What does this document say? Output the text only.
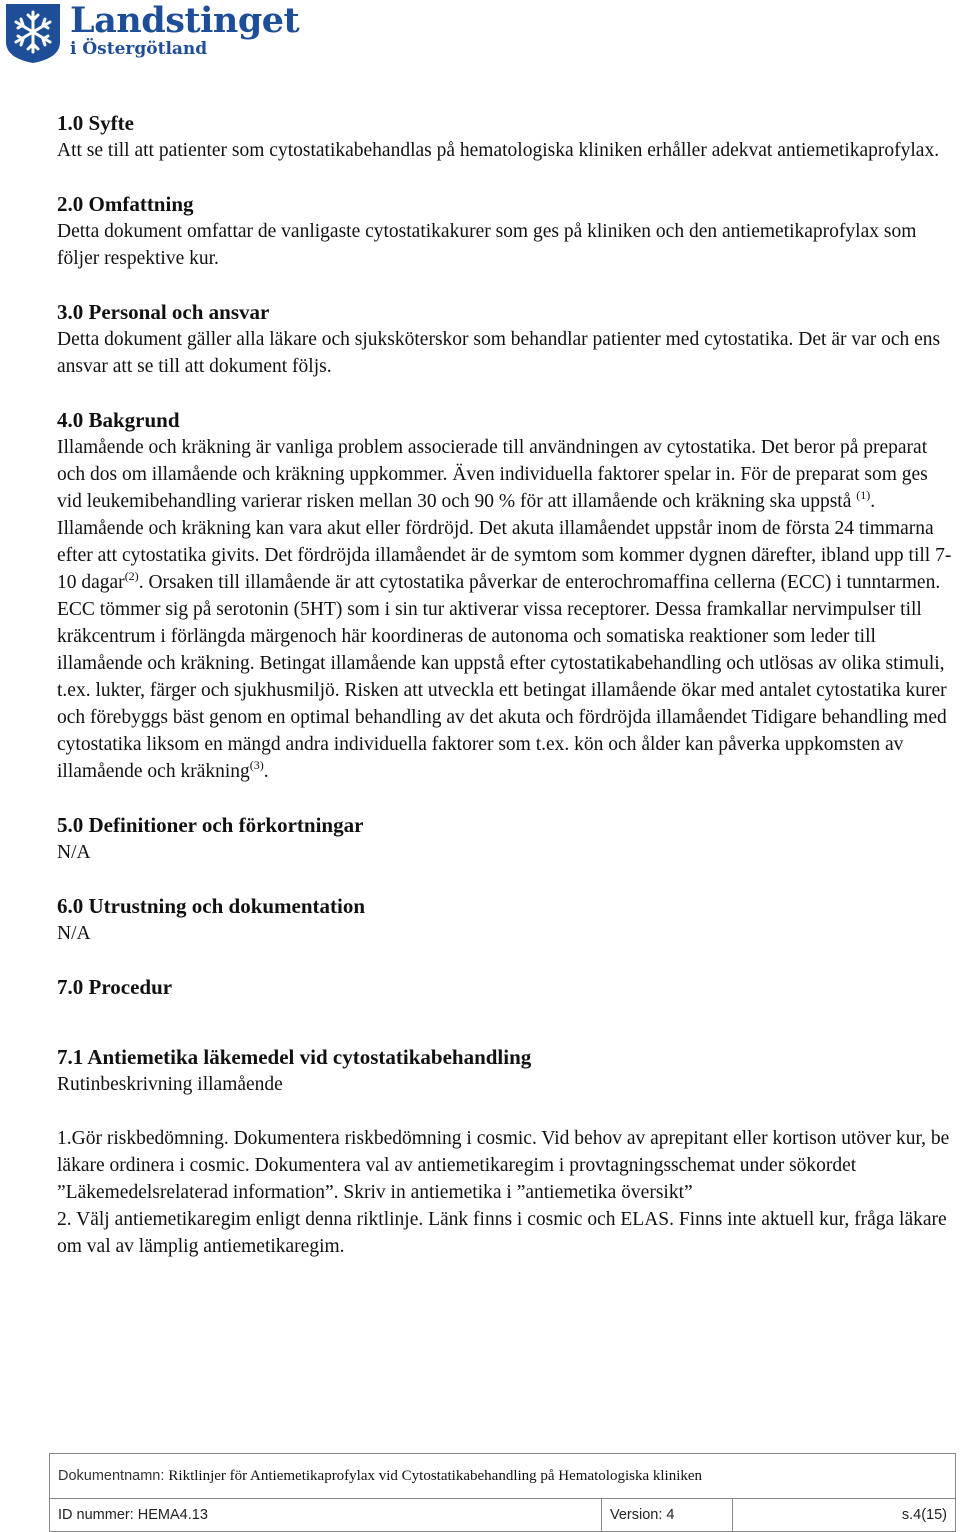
Landstinget
i Östergötland

1.0 Syfte

Att se till att patienter som cytostatikabehandlas på hematologiska kliniken erhåller adekvat antiemetikaprofylax.

2.0 Omfattning

Detta dokument omfattar de vanligaste cytostatikakurer som ges på kliniken och den antiemetikaprofylax som följer respektive kur.

3.0 Personal och ansvar

Detta dokument gäller alla läkare och sjuksköterskor som behandlar patienter med cytostatika. Det är var och ens ansvar att se till att dokument följs.

4.0 Bakgrund

Illamående och kräkning är vanliga problem associerade till användningen av cytostatika. Det beror på preparat och dos om illamående och kräkning uppkommer. Även individuella faktorer spelar in. För de preparat som ges vid leukemibehandling varierar risken mellan 30 och 90 % för att illamående och kräkning ska uppstå $^{(1)}$. Illamående och kräkning kan vara akut eller fördröjd. Det akuta illamåendet uppstår inom de första 24 timmarna efter att cytostatika givits. Det fördröjda illamåendet är de symtom som kommer dygnen därefter, ibland upp till 7-10 dagar$^{(2)}$. Orsaken till illamående är att cytostatika påverkar de enterochromaffina cellerna (ECC) i tunntarmen. ECC tömmer sig på serotonin (5HT) som i sin tur aktiverar vissa receptorer. Dessa framkallar nervimpulser till kräkcentrum i förlängda märgenoch här koordineras de autonoma och somatiska reaktioner som leder till illamående och kräkning. Betingat illamående kan uppstå efter cytostatikabehandling och utlösas av olika stimuli, t.ex. lukter, färger och sjukhusmiljö. Risken att utveckla ett betingat illamående ökar med antalet cytostatika kurer och förebyggs bäst genom en optimal behandling av det akuta och fördröjda illamåendet Tidigare behandling med cytostatika liksom en mängd andra individuella faktorer som t.ex. kön och ålder kan påverka uppkomsten av illamående och kräkning$^{(3)}$.

5.0 Definitioner och förkortningar

N/A

6.0 Utrustning och dokumentation

N/A

7.0 Procedur

7.1 Antiemetika läkemedel vid cytostatikabehandling

Rutinbeskrivning illamående

1.Gör riskbedömning. Dokumentera riskbedömning i cosmic. Vid behov av aprepitant eller kortison utöver kur, be läkare ordinera i cosmic. Dokumentera val av antiemetikaregim i provtagningsschemat under sökordet ”Läkemedelsrelaterad information”. Skriv in antiemetika i ”antiemetika översikt”

2. Välj antiemetikaregim enligt denna riktlinje. Länk finns i cosmic och ELAS. Finns inte aktuell kur, fråga läkare om val av lämplig antiemetikaregim.

Dokumentnamn: Riktlinjer för Antiemetikaprofylax vid Cytostatikabehandling på Hematologiska kliniken
ID nummer: HEMA4.13	Version: 4	s.4(15)
